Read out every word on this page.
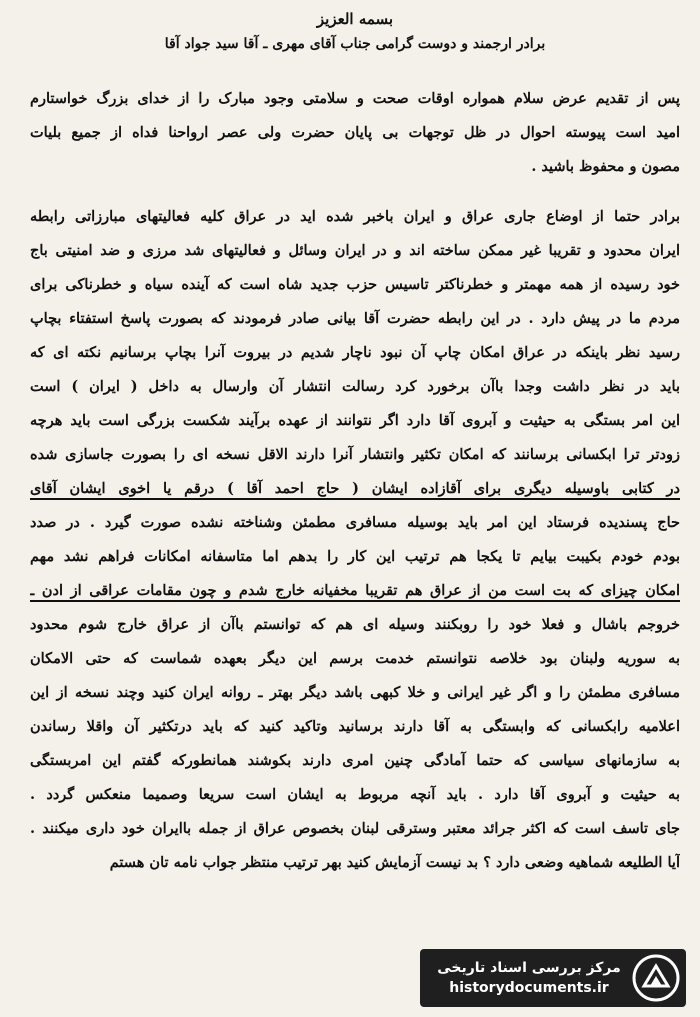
بسمه العزیز
برادر ارجمند و دوست گرامی جناب آقای مهری ـ آقا سید جواد آقا
پس از تقدیم عرض سلام همواره اوقات صحت و سلامتی وجود مبارک را از خدای بزرگ خواستارم
امید است پیوسته احوال در ظل توجهات بی پایان حضرت ولی عصر ارواحنا فداه از جمیع بلیات
مصون و محفوظ باشید .
برادر حتما از اوضاع جاری عراق و ایران باخبر شده اید در عراق کلیه فعالیتهای مبارزاتی رابطه
ایران محدود و تقریبا غیر ممکن ساخته اند و در ایران وسائل و فعالیتهای شد مرزی و ضد امنیتی باج
خود رسیده از همه مهمتر و خطرناکتر تاسیس حزب جدید شاه است که آینده سیاه و خطرناکی برای
مردم ما در پیش دارد . در این رابطه حضرت آقا بیانی صادر فرمودند که بصورت پاسخ استفتاء بچاپ
رسید نظر باینکه در عراق امکان چاپ آن نبود ناچار شدیم در بیروت آنرا بچاپ برسانیم نکته ای که
باید در نظر داشت وجدا باآن برخورد کرد رسالت انتشار آن وارسال به داخل ( ایران ) است
این امر بستگی به حیثیت و آبروی آقا دارد اگر نتوانند از عهده برآیند شکست بزرگی است باید هرچه
زودتر ترا ابکسانی برسانند که امکان تکثیر وانتشار آنرا دارند الاقل نسخه ای را بصورت جاسازی شده
در کتابی باوسیله دیگری برای آقازاده ایشان ( حاج احمد آقا ) درقم یا اخوی ایشان آقای
حاج پسندیده فرستاد این امر باید بوسیله مسافری مطمئن وشناخته نشده صورت گیرد . در صدد
بودم خودم بکیبت بیایم تا یکجا هم ترتیب این کار را بدهم اما متاسفانه امکانات فراهم نشد مهم
امکان چیزای که بت است من از عراق هم تقریبا مخفیانه خارج شدم و چون مقامات عراقی از ادن ـ
خروجم باشال و فعلا خود را روبکنند وسیله ای هم که توانستم باآن از عراق خارج شوم محدود
به سوریه ولبنان بود خلاصه نتوانستم خدمت برسم این دیگر بعهده شماست که حتی الامکان
مسافری مطمئن را و اگر غیر ایرانی و خلا کبهی باشد دیگر بهتر ـ روانه ایران کنید وچند نسخه از این
اعلامیه رابکسانی که وابستگی به آقا دارند برسانید وتاکید کنید که باید درتکثیر آن واقلا رساندن
به سازمانهای سیاسی که حتما آمادگی چنین امری دارند بکوشند همانطورکه گفتم این امربستگی
به حیثیت و آبروی آقا دارد . باید آنچه مربوط به ایشان است سریعا وصمیما منعکس گردد .
جای تاسف است که اکثر جرائد معتبر وسترقی لبنان بخصوص عراق از جمله باایران خود داری میکنند .
آیا الطلیعه شماهیه وضعی دارد ؟ بد نیست آزمایش کنید بهر ترتیب منتظر جواب نامه تان هستم
مرکز بررسی اسناد تاریخی
historydocuments.ir
